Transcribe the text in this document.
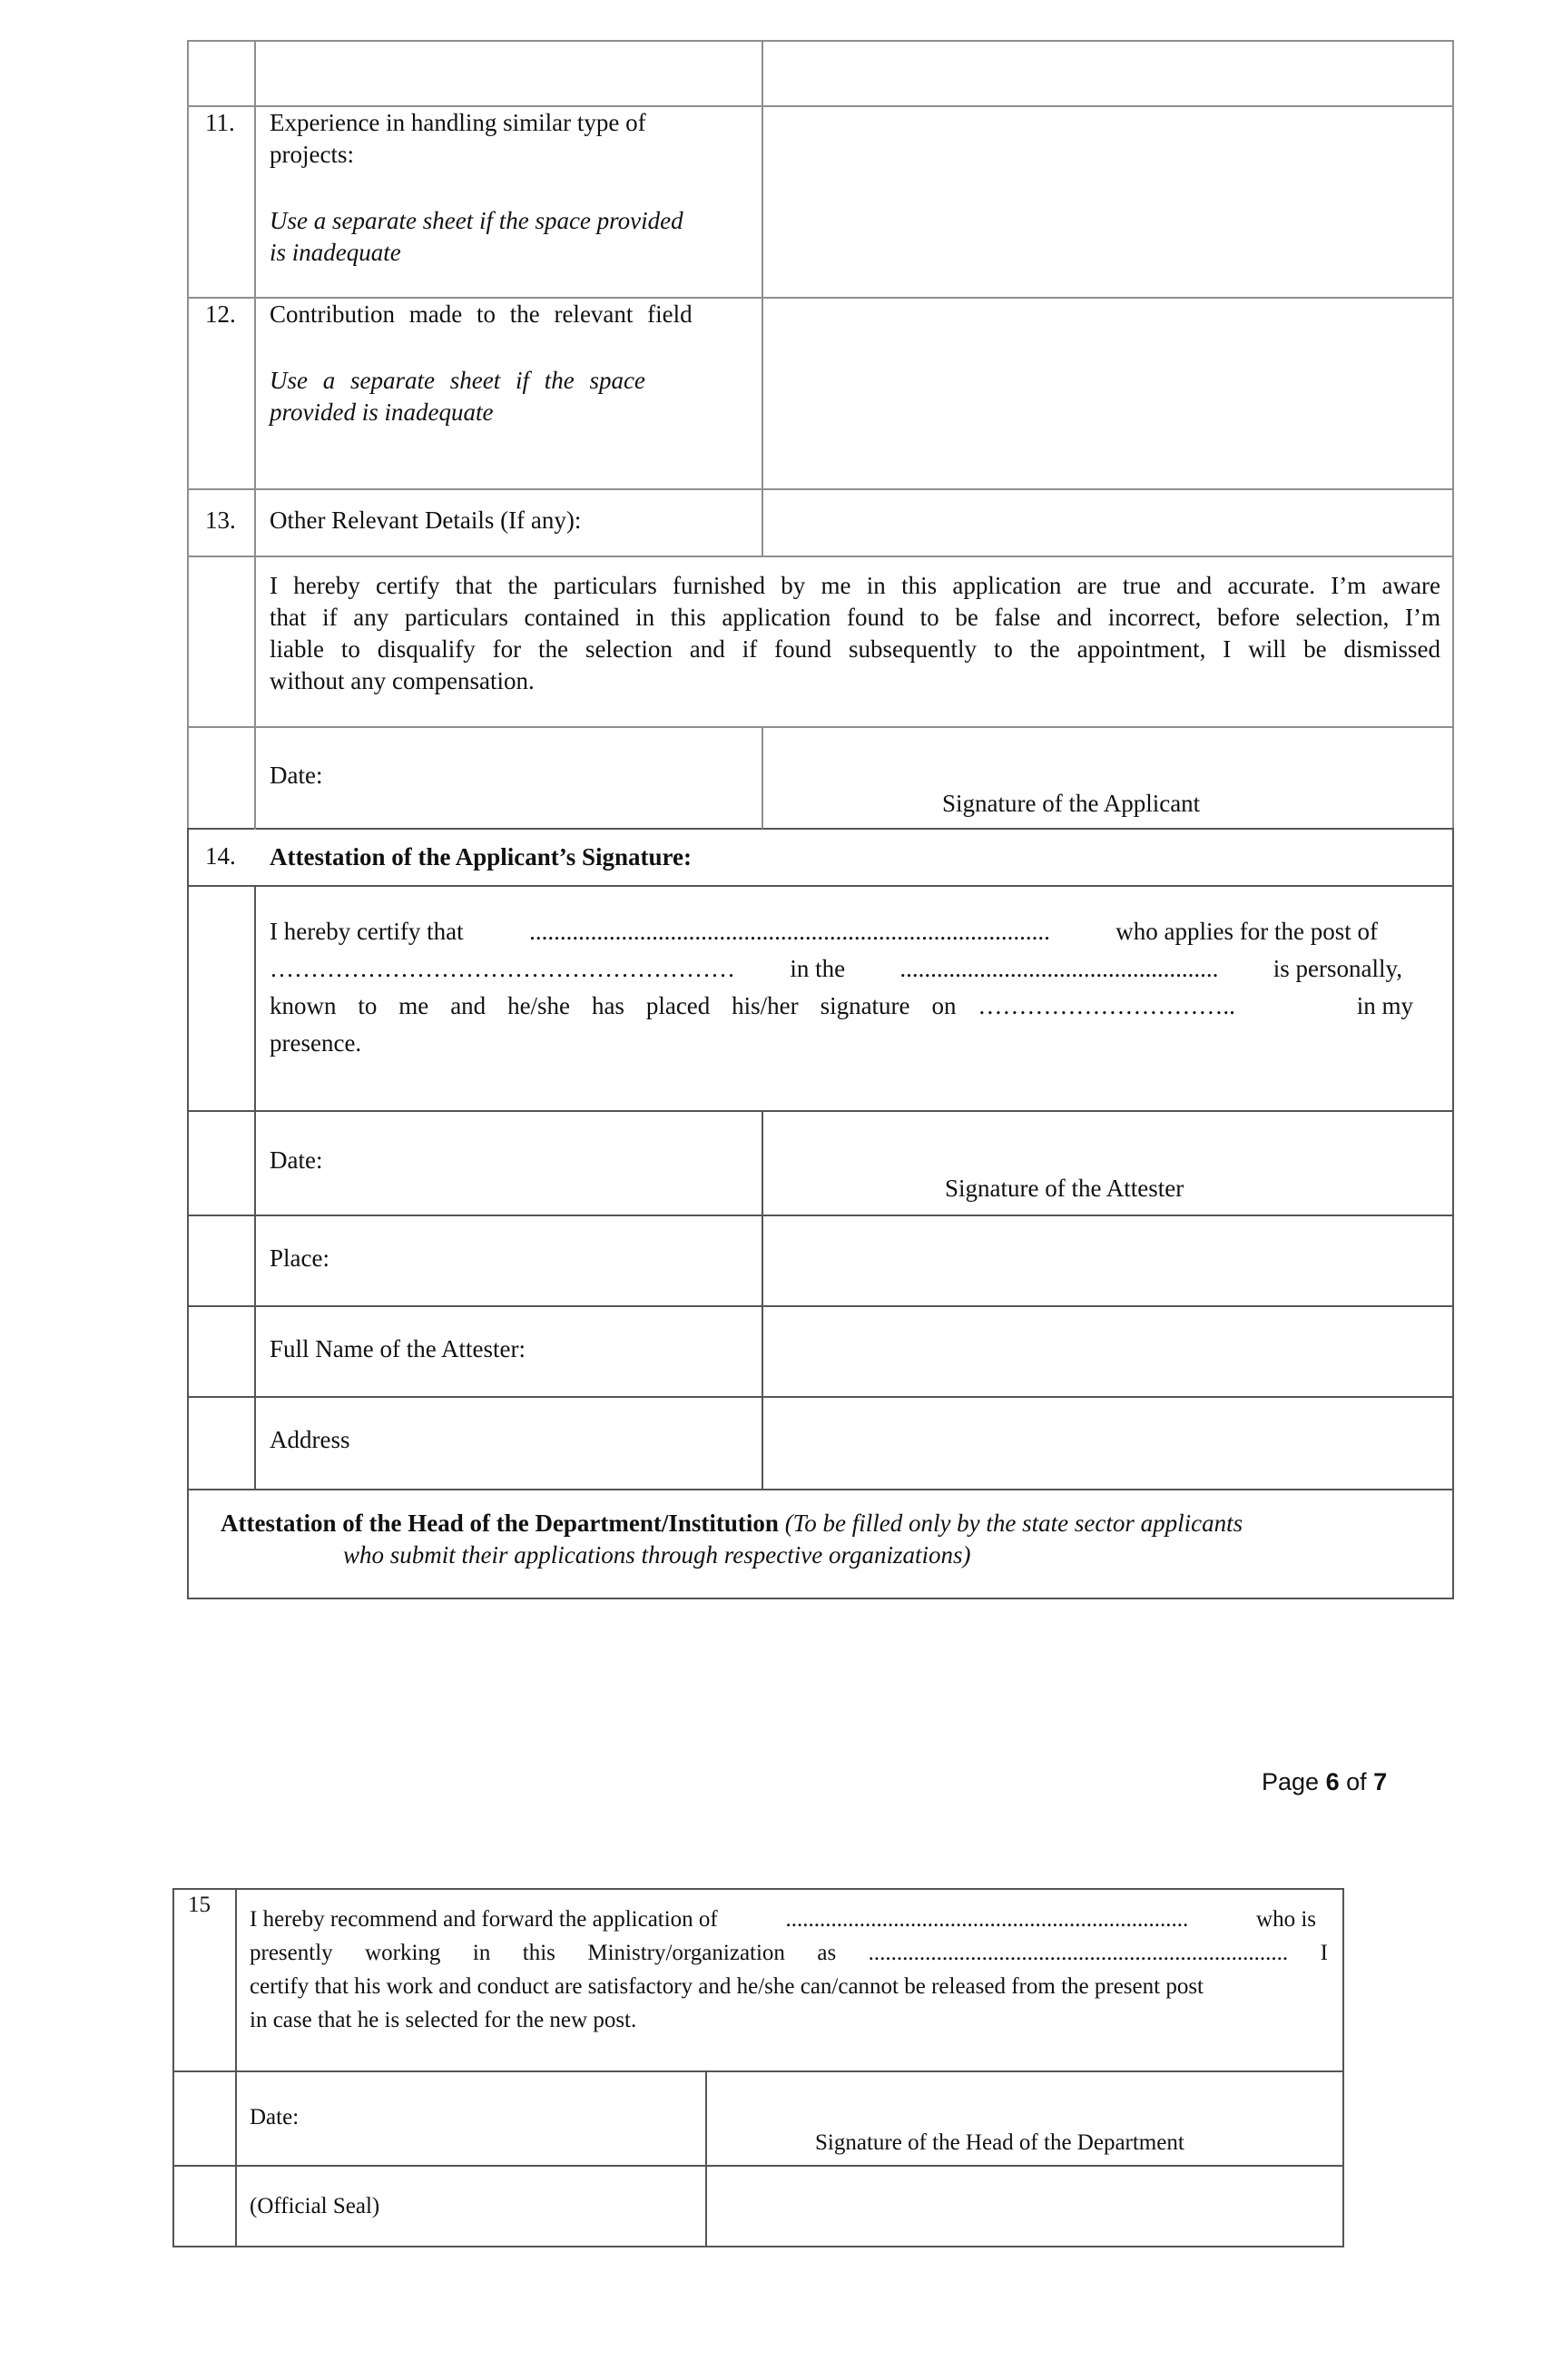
11. Experience in handling similar type of
projects:
Use a separate sheet if the space provided
is inadequate
12. Contribution made to the relevant field
Use a separate sheet if the space
provided is inadequate
13. Other Relevant Details (If any):
I hereby certify that the particulars furnished by me in this application are true and accurate. I’m aware
that if any particulars contained in this application found to be false and incorrect, before selection, I’m
liable to disqualify for the selection and if found subsequently to the appointment, I will be dismissed
without any compensation.
Date:
Signature of the Applicant
14. Attestation of the Applicant’s Signature:
I hereby certify that	.....................................................................................	who applies for the post of
………………………………………………… in the .................................................... is personally,
known to me and he/she has placed his/her signature on …………………………..	in my
presence.
Date:
Signature of the Attester
Place:
Full Name of the Attester:
Address
Attestation of the Head of the Department/Institution (To be filled only by the state sector applicants
who submit their applications through respective organizations)
Page 6 of 7
15
I hereby recommend and forward the application of	.......................................................................	who is
presently working in this Ministry/organization as .......................................................................... I
certify that his work and conduct are satisfactory and he/she can/cannot be released from the present post
in case that he is selected for the new post.
Date:
Signature of the Head of the Department
(Official Seal)
